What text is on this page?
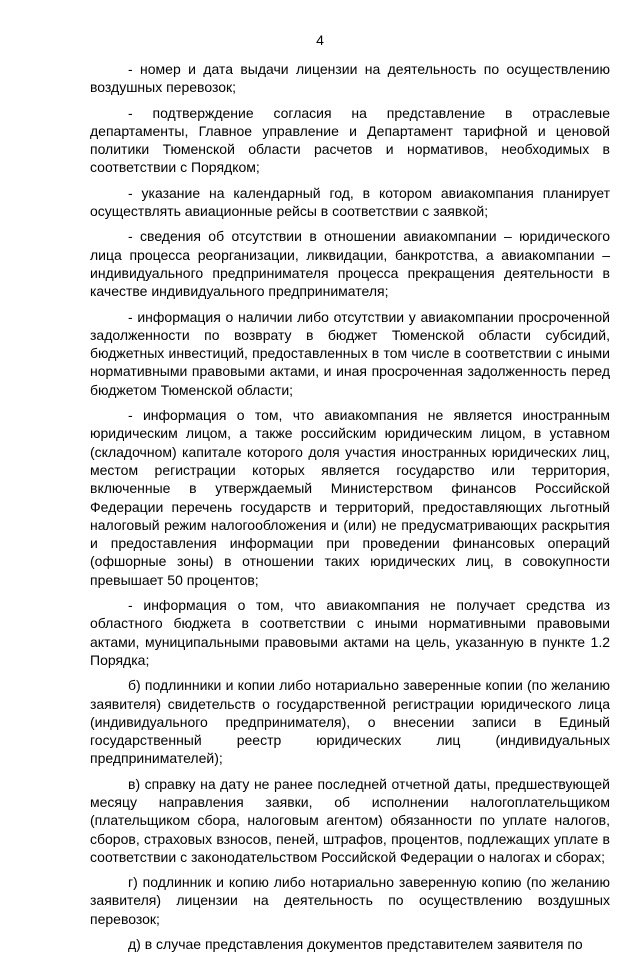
4

- номер и дата выдачи лицензии на деятельность по осуществлению воздушных перевозок;

- подтверждение согласия на представление в отраслевые департаменты, Главное управление и Департамент тарифной и ценовой политики Тюменской области расчетов и нормативов, необходимых в соответствии с Порядком;

- указание на календарный год, в котором авиакомпания планирует осуществлять авиационные рейсы в соответствии с заявкой;

- сведения об отсутствии в отношении авиакомпании – юридического лица процесса реорганизации, ликвидации, банкротства, а авиакомпании – индивидуального предпринимателя процесса прекращения деятельности в качестве индивидуального предпринимателя;

- информация о наличии либо отсутствии у авиакомпании просроченной задолженности по возврату в бюджет Тюменской области субсидий, бюджетных инвестиций, предоставленных в том числе в соответствии с иными нормативными правовыми актами, и иная просроченная задолженность перед бюджетом Тюменской области;

- информация о том, что авиакомпания не является иностранным юридическим лицом, а также российским юридическим лицом, в уставном (складочном) капитале которого доля участия иностранных юридических лиц, местом регистрации которых является государство или территория, включенные в утверждаемый Министерством финансов Российской Федерации перечень государств и территорий, предоставляющих льготный налоговый режим налогообложения и (или) не предусматривающих раскрытия и предоставления информации при проведении финансовых операций (офшорные зоны) в отношении таких юридических лиц, в совокупности превышает 50 процентов;

- информация о том, что авиакомпания не получает средства из областного бюджета в соответствии с иными нормативными правовыми актами, муниципальными правовыми актами на цель, указанную в пункте 1.2 Порядка;

б) подлинники и копии либо нотариально заверенные копии (по желанию заявителя) свидетельств о государственной регистрации юридического лица (индивидуального предпринимателя), о внесении записи в Единый государственный реестр юридических лиц (индивидуальных предпринимателей);

в) справку на дату не ранее последней отчетной даты, предшествующей месяцу направления заявки, об исполнении налогоплательщиком (плательщиком сбора, налоговым агентом) обязанности по уплате налогов, сборов, страховых взносов, пеней, штрафов, процентов, подлежащих уплате в соответствии с законодательством Российской Федерации о налогах и сборах;

г) подлинник и копию либо нотариально заверенную копию (по желанию заявителя) лицензии на деятельность по осуществлению воздушных перевозок;

д) в случае представления документов представителем заявителя по
